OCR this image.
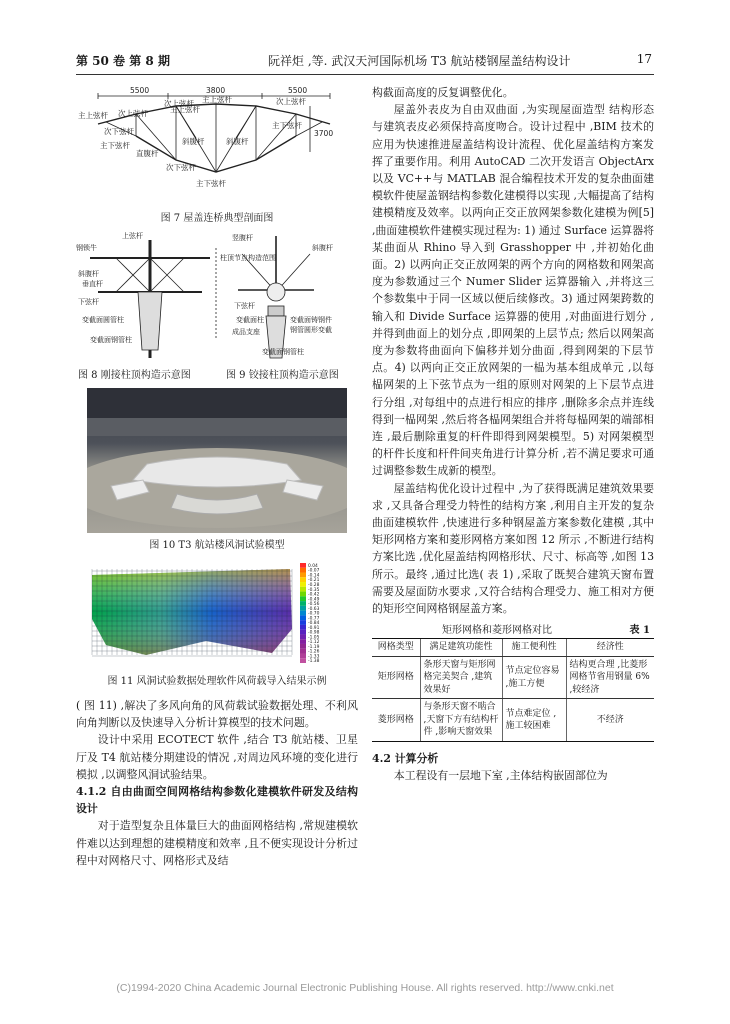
第 50 卷 第 8 期	阮祥炬 ,等. 武汉天河国际机场 T3 航站楼钢屋盖结构设计	17
5500	3800	5500
主上弦杆 次上弦杆	主上弦杆
次上弦杆 主上弦杆	次上弦杆
次下弦杆
主下弦杆
直腹杆
斜腹杆	斜腹杆
次下弦杆
主下弦杆
主下弦杆
3700
图 7 屋盖连桥典型剖面图
上弦杆
钢锁牛
斜腹杆
垂直杆
下弦杆
变截面圆管柱
变截面钢管柱
柱顶节点构造范围
竖腹杆
斜腹杆
下弦杆
变截面柱
成品支座
变截面钢管柱
变截面铸钢件
钢管圆形变截
图 8 刚接柱顶构造示意图	图 9 铰接柱顶构造示意图
图 10 T3 航站楼风洞试验模型
0.04
-0.07
-0.14
-0.21
-0.28
-0.35
-0.42
-0.49
-0.56
-0.63
-0.70
-0.77
-0.84
-0.91
-0.98
-1.05
-1.12
-1.19
-1.26
-1.33
-1.38
图 11 风洞试验数据处理软件风荷载导入结果示例

( 图 11) ,解决了多风向角的风荷载试验数据处理、不利风向角判断以及快速导入分析计算模型的技术问题。

设计中采用 ECOTECT 软件 ,结合 T3 航站楼、卫星厅及 T4 航站楼分期建设的情况 ,对周边风环境的变化进行模拟 ,以调整风洞试验结果。

4.1.2 自由曲面空间网格结构参数化建模软件研发及结构设计

对于造型复杂且体量巨大的曲面网格结构 ,常规建模软件难以达到理想的建模精度和效率 ,且不便实现设计分析过程中对网格尺寸、网格形式及结

构截面高度的反复调整优化。

屋盖外表皮为自由双曲面 ,为实现屋面造型 结构形态与建筑表皮必须保持高度吻合。设计过程中 ,BIM 技术的应用为快速推进屋盖结构设计流程、优化屋盖结构方案发挥了重要作用。利用 AutoCAD 二次开发语言 ObjectArx 以及 VC++与 MATLAB 混合编程技术开发的复杂曲面建模软件使屋盖钢结构参数化建模得以实现 ,大幅提高了结构建模精度及效率。以两向正交正放网架参数化建模为例[5] ,曲面建模软件建模实现过程为: 1) 通过 Surface 运算器将某曲面从 Rhino 导入到 Grasshopper 中 ,并初始化曲面。2) 以两向正交正放网架的两个方向的网格数和网架高度为参数通过三个 Numer Slider 运算器输入 ,并将这三个参数集中于同一区域以便后续修改。3) 通过网架跨数的输入和 Divide Surface 运算器的使用 ,对曲面进行划分 ,并得到曲面上的划分点 ,即网架的上层节点; 然后以网架高度为参数将曲面向下偏移并划分曲面 ,得到网架的下层节点。4) 以两向正交正放网架的一榀为基本组成单元 ,以每榀网架的上下弦节点为一组的原则对网架的上下层节点进行分组 ,对每组中的点进行相应的排序 ,删除多余点并连线得到一榀网架 ,然后将各榀网架组合并将每榀网架的端部相连 ,最后删除重复的杆件即得到网架模型。5) 对网架模型的杆件长度和杆件间夹角进行计算分析 ,若不满足要求可通过调整参数生成新的模型。

屋盖结构优化设计过程中 ,为了获得既满足建筑效果要求 ,又具备合理受力特性的结构方案 ,利用自主开发的复杂曲面建模软件 ,快速进行多种钢屋盖方案参数化建模 ,其中矩形网格方案和菱形网格方案如图 12 所示 ,不断进行结构方案比选 ,优化屋盖结构网格形状、尺寸、标高等 ,如图 13 所示。最终 ,通过比选( 表 1) ,采取了既契合建筑天窗布置需要及屋面防水要求 ,又符合结构合理受力、施工相对方便的矩形空间网格钢屋盖方案。

矩形网格和菱形网格对比	表 1
网格类型	满足建筑功能性	施工便利性	经济性
矩形网格	条形天窗与矩形网格完美契合 ,建筑效果好	节点定位容易 ,施工方便	结构更合理 ,比菱形网格节省用钢量 6% ,较经济
菱形网格	与条形天窗不啮合 ,天窗下方有结构杆件 ,影响天窗效果	节点难定位 ,施工较困难	不经济
4.2 计算分析

本工程设有一层地下室 ,主体结构嵌固部位为

(C)1994-2020 China Academic Journal Electronic Publishing House. All rights reserved. http://www.cnki.net
